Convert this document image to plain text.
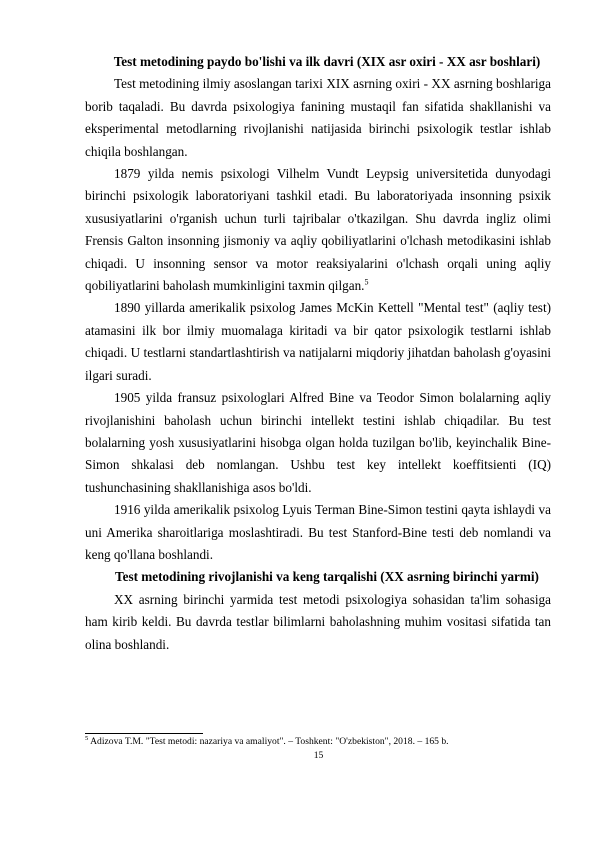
Test metodining paydo bo'lishi va ilk davri (XIX asr oxiri - XX asr boshlari)

Test metodining ilmiy asoslangan tarixi XIX asrning oxiri - XX asrning boshlariga borib taqaladi. Bu davrda psixologiya fanining mustaqil fan sifatida shakllanishi va eksperimental metodlarning rivojlanishi natijasida birinchi psixologik testlar ishlab chiqila boshlangan.

1879 yilda nemis psixologi Vilhelm Vundt Leypsig universitetida dunyodagi birinchi psixologik laboratoriyani tashkil etadi. Bu laboratoriyada insonning psixik xususiyatlarini o'rganish uchun turli tajribalar o'tkazilgan. Shu davrda ingliz olimi Frensis Galton insonning jismoniy va aqliy qobiliyatlarini o'lchash metodikasini ishlab chiqadi. U insonning sensor va motor reaksiyalarini o'lchash orqali uning aqliy qobiliyatlarini baholash mumkinligini taxmin qilgan.$^5$

1890 yillarda amerikalik psixolog James McKin Kettell "Mental test" (aqliy test) atamasini ilk bor ilmiy muomalaga kiritadi va bir qator psixologik testlarni ishlab chiqadi. U testlarni standartlashtirish va natijalarni miqdoriy jihatdan baholash g'oyasini ilgari suradi.

1905 yilda fransuz psixologlari Alfred Bine va Teodor Simon bolalarning aqliy rivojlanishini baholash uchun birinchi intellekt testini ishlab chiqadilar. Bu test bolalarning yosh xususiyatlarini hisobga olgan holda tuzilgan bo'lib, keyinchalik Bine-Simon shkalasi deb nomlangan. Ushbu test key intellekt koeffitsienti (IQ) tushunchasining shakllanishiga asos bo'ldi.

1916 yilda amerikalik psixolog Lyuis Terman Bine-Simon testini qayta ishlaydi va uni Amerika sharoitlariga moslashtiradi. Bu test Stanford-Bine testi deb nomlandi va keng qo'llana boshlandi.

Test metodining rivojlanishi va keng tarqalishi (XX asrning birinchi yarmi)

XX asrning birinchi yarmida test metodi psixologiya sohasidan ta'lim sohasiga ham kirib keldi. Bu davrda testlar bilimlarni baholashning muhim vositasi sifatida tan olina boshlandi.

$^5$ Adizova T.M. "Test metodi: nazariya va amaliyot". – Toshkent: "O'zbekiston", 2018. – 165 b.

15
